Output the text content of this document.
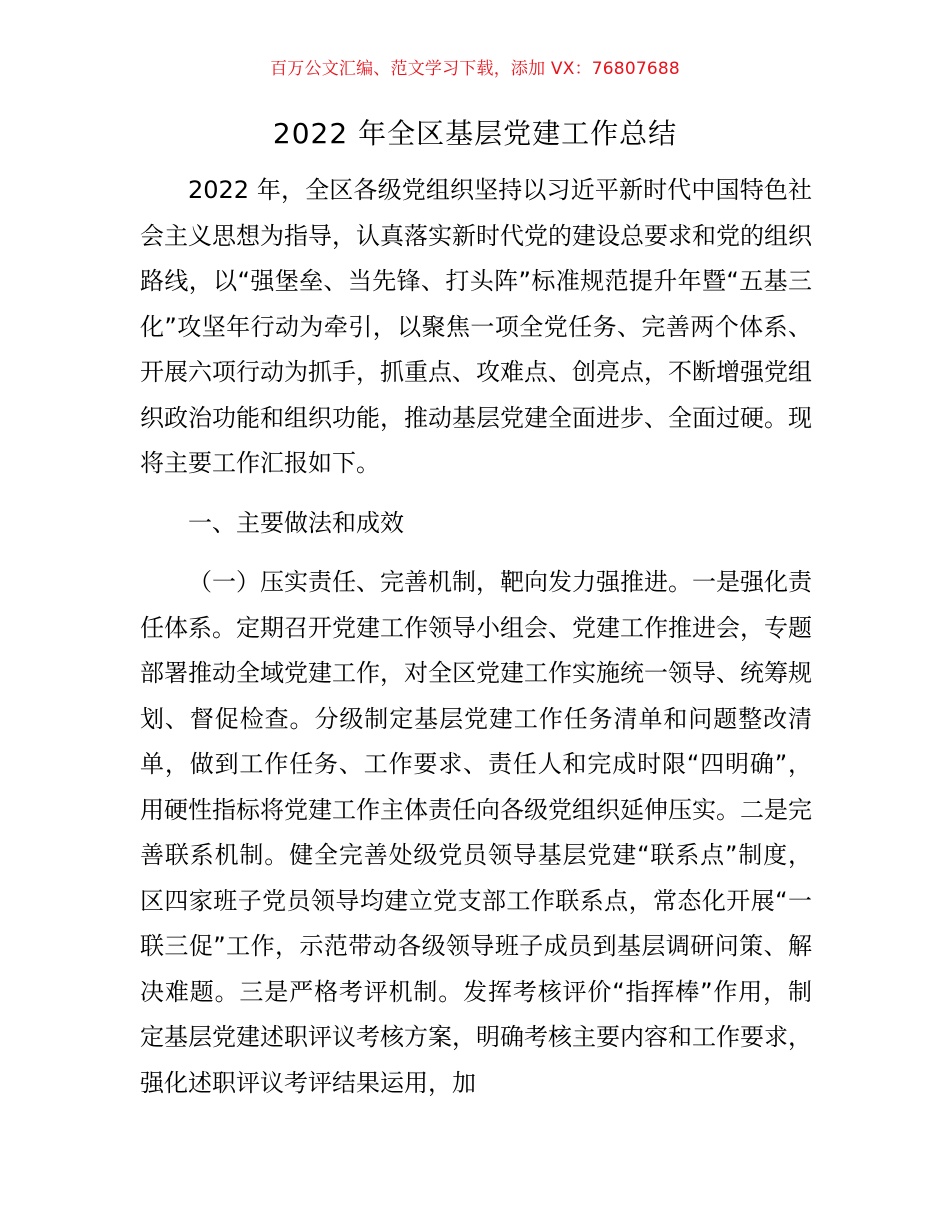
百万公文汇编、范文学习下载，添加 VX：76807688
2022 年全区基层党建工作总结

2022 年，全区各级党组织坚持以习近平新时代中国特色社会主义思想为指导，认真落实新时代党的建设总要求和党的组织路线，以“强堡垒、当先锋、打头阵”标准规范提升年暨“五基三化”攻坚年行动为牵引，以聚焦一项全党任务、完善两个体系、开展六项行动为抓手，抓重点、攻难点、创亮点，不断增强党组织政治功能和组织功能，推动基层党建全面进步、全面过硬。现将主要工作汇报如下。

一、主要做法和成效

（一）压实责任、完善机制，靶向发力强推进。一是强化责任体系。定期召开党建工作领导小组会、党建工作推进会，专题部署推动全域党建工作，对全区党建工作实施统一领导、统筹规划、督促检查。分级制定基层党建工作任务清单和问题整改清单，做到工作任务、工作要求、责任人和完成时限“四明确”，用硬性指标将党建工作主体责任向各级党组织延伸压实。二是完善联系机制。健全完善处级党员领导基层党建“联系点”制度，区四家班子党员领导均建立党支部工作联系点，常态化开展“一联三促”工作，示范带动各级领导班子成员到基层调研问策、解决难题。三是严格考评机制。发挥考核评价“指挥棒”作用，制定基层党建述职评议考核方案，明确考核主要内容和工作要求，强化述职评议考评结果运用，加
